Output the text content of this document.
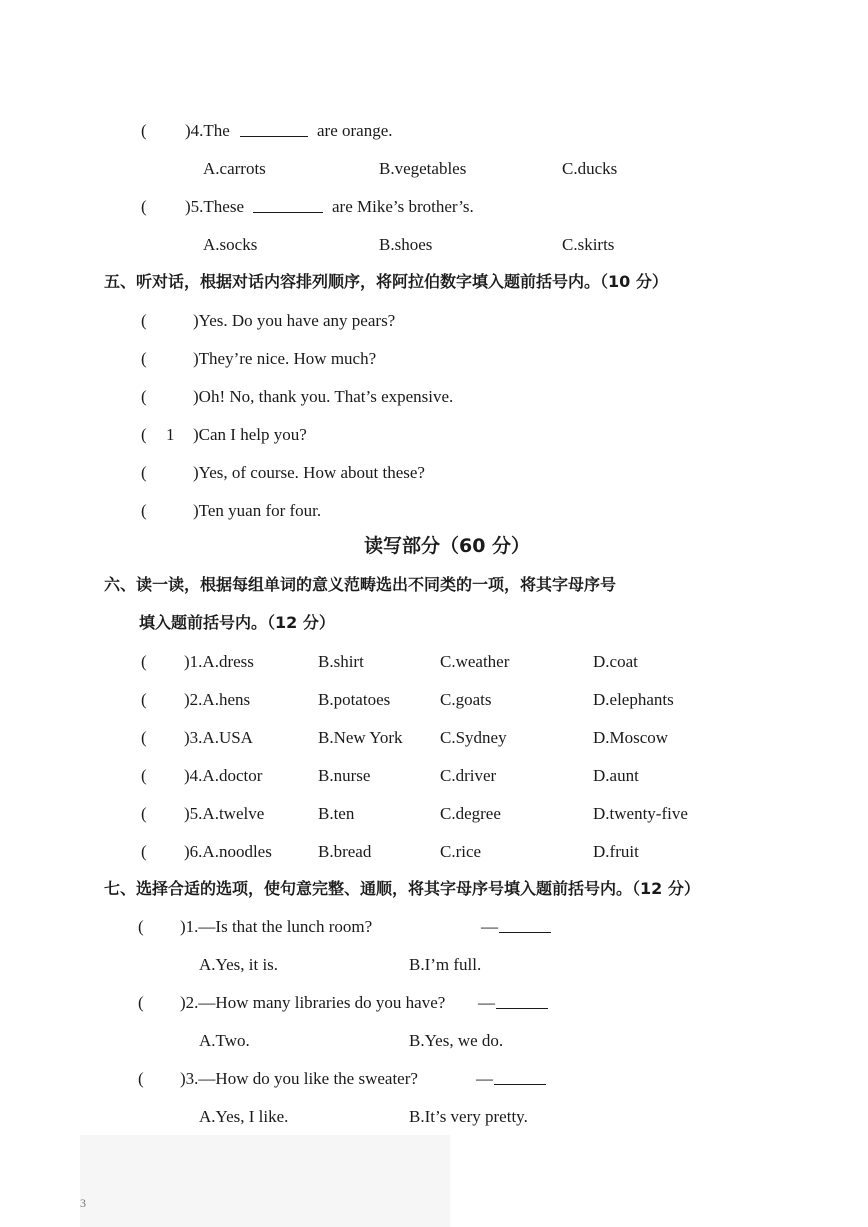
( )4.The	are orange.
A.carrots	B.vegetables	C.ducks
( )5.These	are Mike’s brother’s.
A.socks	B.shoes	C.skirts
五、听对话，根据对话内容排列顺序，将阿拉伯数字填入题前括号内。（10 分）
(	)Yes. Do you have any pears?
(	)They’re nice. How much?
(	)Oh! No, thank you. That’s expensive.
( 1 )Can I help you?
(	)Yes, of course. How about these?
(	)Ten yuan for four.
读写部分（60 分）
六、读一读，根据每组单词的意义范畴选出不同类的一项，将其字母序号
填入题前括号内。（12 分）
( )1.A.dress	B.shirt	C.weather	D.coat
( )2.A.hens	B.potatoes	C.goats	D.elephants
( )3.A.USA	B.New York C.Sydney	D.Moscow
( )4.A.doctor	B.nurse	C.driver	D.aunt
( )5.A.twelve	B.ten	C.degree	D.twenty-five
( )6.A.noodles	B.bread	C.rice	D.fruit
七、选择合适的选项，使句意完整、通顺，将其字母序号填入题前括号内。（12 分）
( )1.—Is that the lunch room?	—
A.Yes, it is.	B.I’m full.
( )2.—How many libraries do you have? —
A.Two.	B.Yes, we do.
( )3.—How do you like the sweater?	—
A.Yes, I like.	B.It’s very pretty.
3
